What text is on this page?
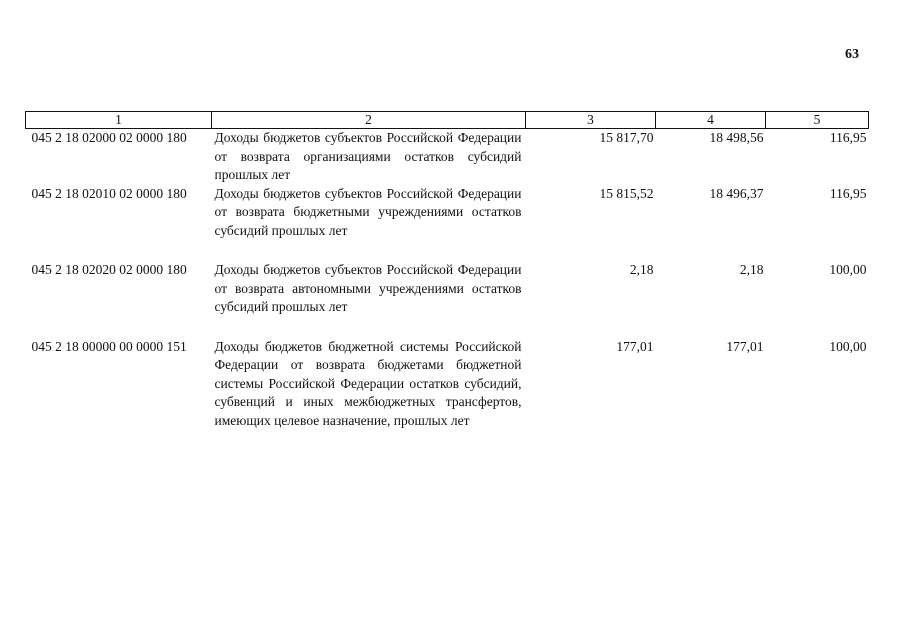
63
1	2	3	4	5
045 2 18 02000 02 0000 180	Доходы бюджетов субъектов Российской Федерации от возврата организациями остатков субсидий прошлых лет	15 817,70	18 498,56	116,95
045 2 18 02010 02 0000 180	Доходы бюджетов субъектов Российской Федерации от возврата бюджетными учреждениями остатков субсидий прошлых лет	15 815,52	18 496,37	116,95
045 2 18 02020 02 0000 180	Доходы бюджетов субъектов Российской Федерации от возврата автономными учреждениями остатков субсидий прошлых лет	2,18	2,18	100,00
045 2 18 00000 00 0000 151	Доходы бюджетов бюджетной системы Российской Федерации от возврата бюджетами бюджетной системы Российской Федерации остатков субсидий, субвенций и иных межбюджетных трансфертов, имеющих целевое назначение, прошлых лет	177,01	177,01	100,00
